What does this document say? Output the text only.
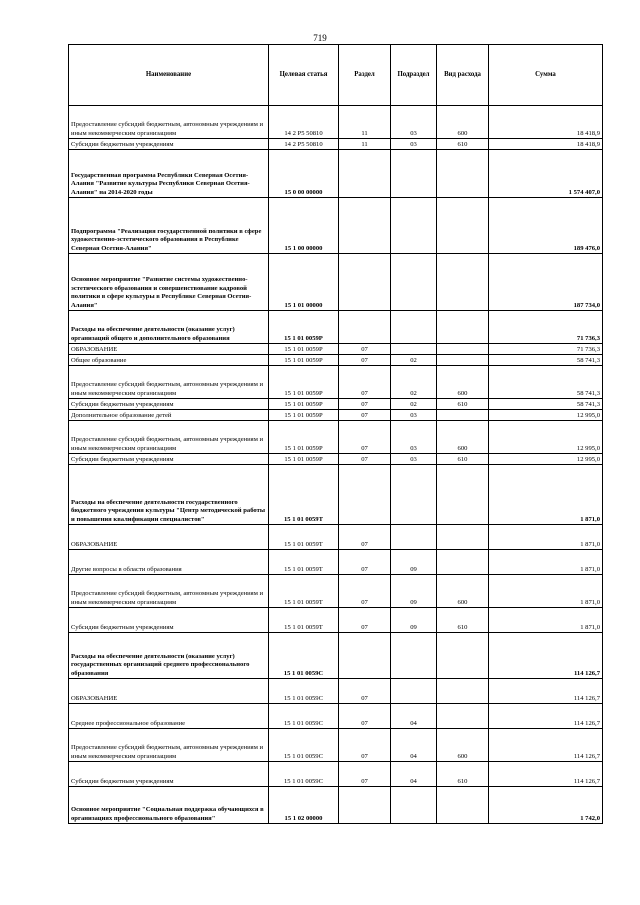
719
Наименование	Целевая статья	Раздел	Подраздел	Вид расхода	Сумма
Предоставление субсидий бюджетным, автономным учреждениям и иным некоммерческим организациям	14 2 P5 50810	11	03	600	18 418,9
Субсидии бюджетным учреждениям	14 2 P5 50810	11	03	610	18 418,9
Государственная программа Республики Северная Осетия-Алания "Развитие культуры Республики Северная Осетия-Алания" на 2014-2020 годы	15 0 00 00000				1 574 407,0
Подпрограмма "Реализация государственной политики в сфере художественно-эстетического образования в Республике Северная Осетия-Алания"	15 1 00 00000				189 476,0
Основное мероприятие "Развитие системы художественно-эстетического образования и совершенствование кадровой политики в сфере культуры в Республике Северная Осетия-Алания"	15 1 01 00000				187 734,0
Расходы на обеспечение деятельности (оказание услуг) организаций общего и дополнительного образования	15 1 01 0059Р				71 736,3
ОБРАЗОВАНИЕ	15 1 01 0059Р	07			71 736,3
Общее образование	15 1 01 0059Р	07	02		58 741,3
Предоставление субсидий бюджетным, автономным учреждениям и иным некоммерческим организациям	15 1 01 0059Р	07	02	600	58 741,3
Субсидии бюджетным учреждениям	15 1 01 0059Р	07	02	610	58 741,3
Дополнительное образование детей	15 1 01 0059Р	07	03		12 995,0
Предоставление субсидий бюджетным, автономным учреждениям и иным некоммерческим организациям	15 1 01 0059Р	07	03	600	12 995,0
Субсидии бюджетным учреждениям	15 1 01 0059Р	07	03	610	12 995,0
Расходы на обеспечение деятельности государственного бюджетного учреждения культуры "Центр методической работы и повышения квалификации специалистов"	15 1 01 0059Т				1 871,0
ОБРАЗОВАНИЕ	15 1 01 0059Т	07			1 871,0
Другие вопросы в области образования	15 1 01 0059Т	07	09		1 871,0
Предоставление субсидий бюджетным, автономным учреждениям и иным некоммерческим организациям	15 1 01 0059Т	07	09	600	1 871,0
Субсидии бюджетным учреждениям	15 1 01 0059Т	07	09	610	1 871,0
Расходы на обеспечение деятельности (оказание услуг) государственных организаций среднего профессионального образования	15 1 01 0059С				114 126,7
ОБРАЗОВАНИЕ	15 1 01 0059С	07			114 126,7
Среднее профессиональное образование	15 1 01 0059С	07	04		114 126,7
Предоставление субсидий бюджетным, автономным учреждениям и иным некоммерческим организациям	15 1 01 0059С	07	04	600	114 126,7
Субсидии бюджетным учреждениям	15 1 01 0059С	07	04	610	114 126,7
Основное мероприятие "Социальная поддержка обучающихся в организациях профессионального образования"	15 1 02 00000				1 742,0
